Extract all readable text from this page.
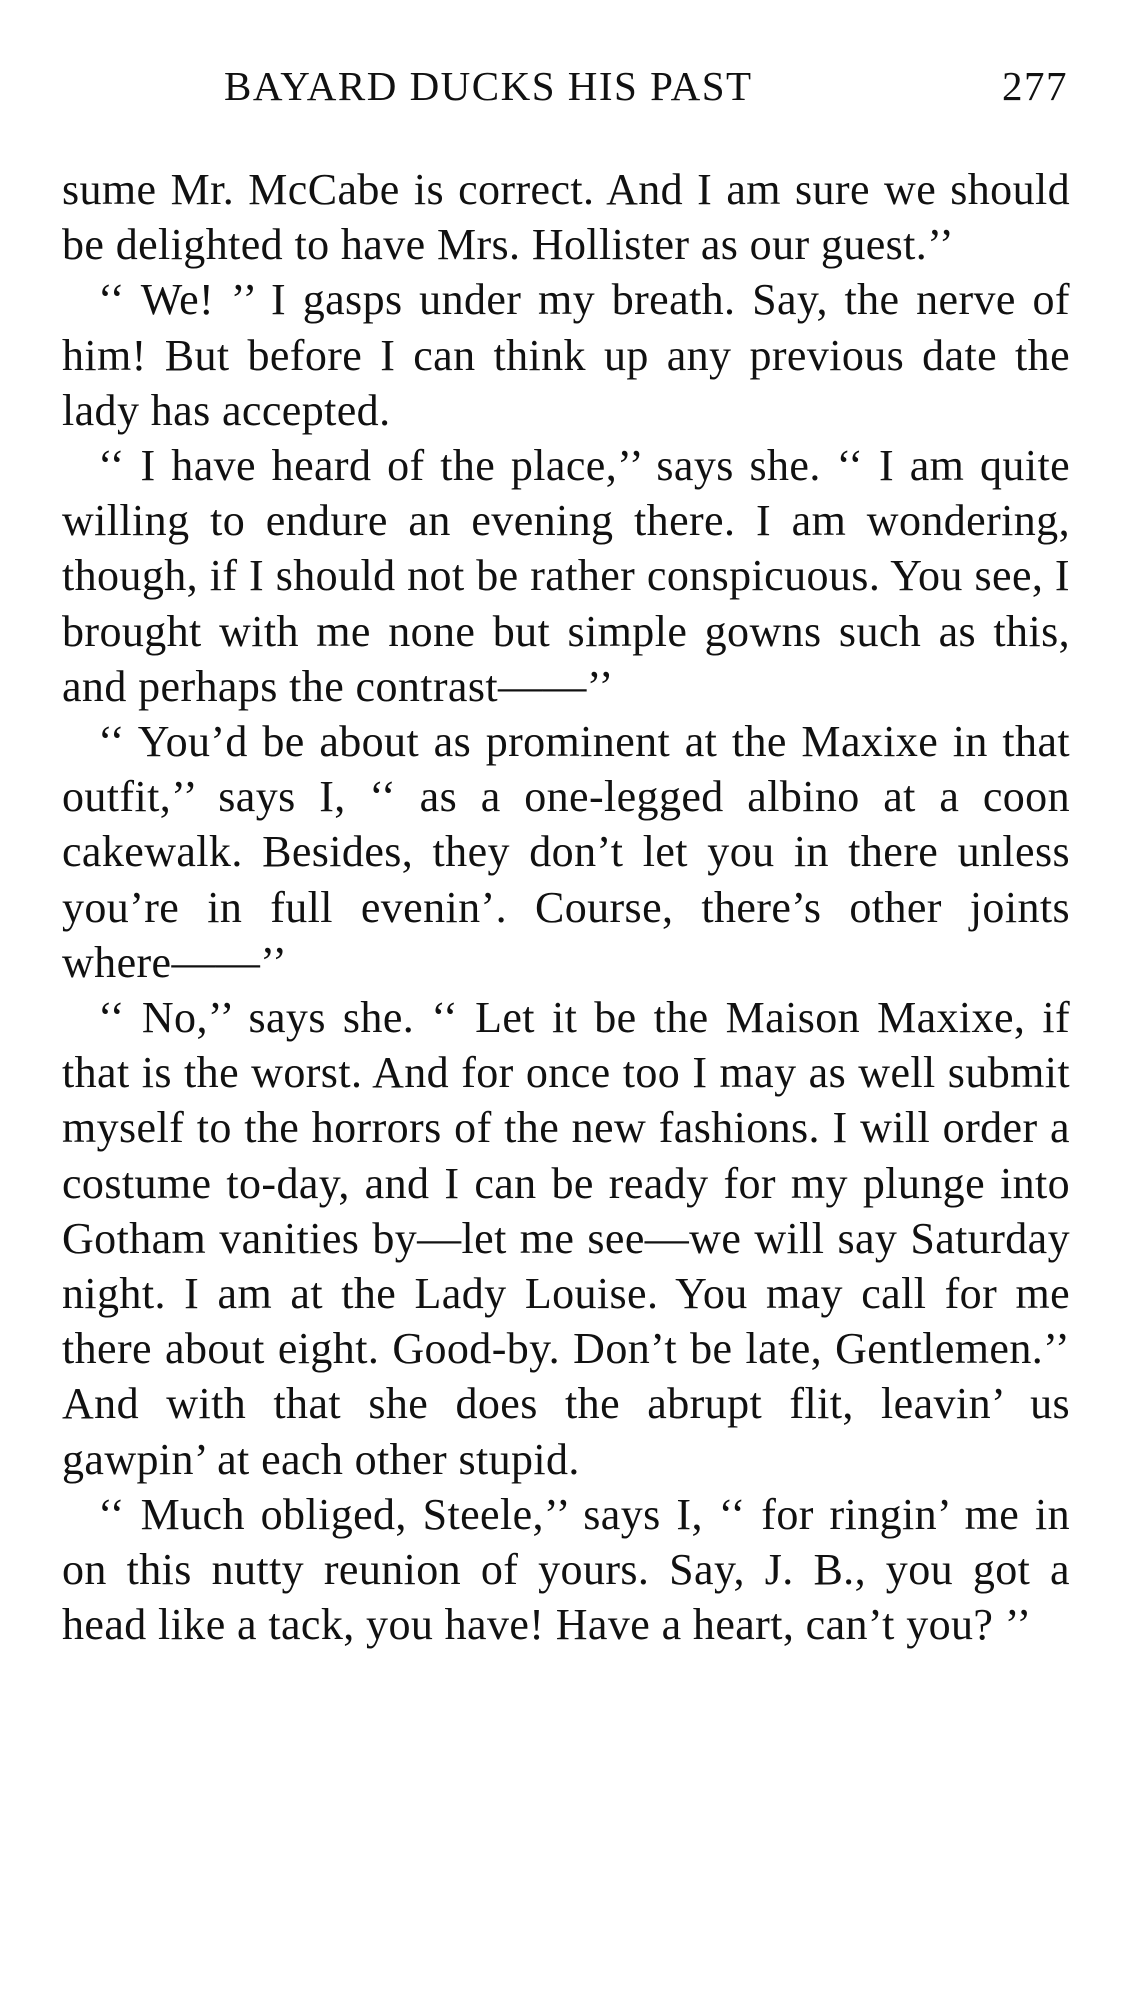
BAYARD DUCKS HIS PAST	277

sume Mr. McCabe is correct. And I am sure we should be delighted to have Mrs. Hollister as our guest.’’

‘‘ We! ’’ I gasps under my breath. Say, the nerve of him! But before I can think up any previous date the lady has accepted.

‘‘ I have heard of the place,’’ says she. ‘‘ I am quite willing to endure an evening there. I am wondering, though, if I should not be rather conspicuous. You see, I brought with me none but simple gowns such as this, and perhaps the contrast——’’

‘‘ You’d be about as prominent at the Maxixe in that outfit,’’ says I, ‘‘ as a one-legged albino at a coon cakewalk. Besides, they don’t let you in there unless you’re in full evenin’. Course, there’s other joints where——’’

‘‘ No,’’ says she. ‘‘ Let it be the Maison Maxixe, if that is the worst. And for once too I may as well submit myself to the horrors of the new fashions. I will order a costume to-day, and I can be ready for my plunge into Gotham vanities by—let me see—we will say Saturday night. I am at the Lady Louise. You may call for me there about eight. Good-by. Don’t be late, Gentlemen.’’ And with that she does the abrupt flit, leavin’ us gawpin’ at each other stupid.

‘‘ Much obliged, Steele,’’ says I, ‘‘ for ringin’ me in on this nutty reunion of yours. Say, J. B., you got a head like a tack, you have! Have a heart, can’t you? ’’
